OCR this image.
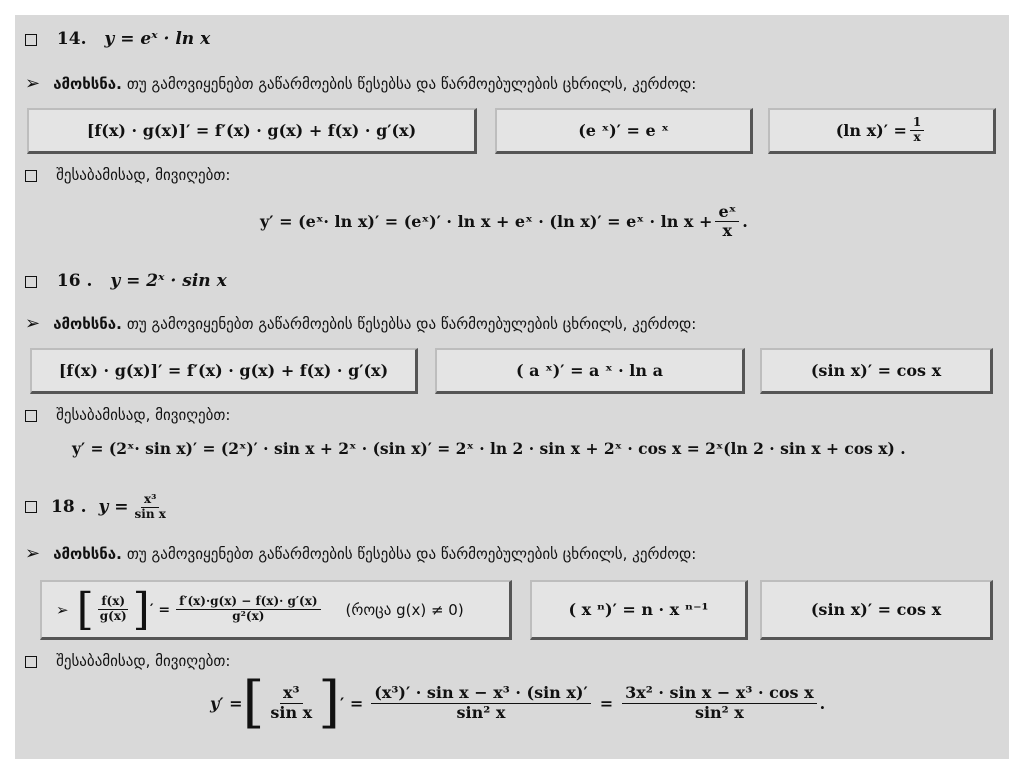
14. y = eˣ · ln x
➢ ამოხსნა. თუ გამოვიყენებთ გაწარმოების წესებსა და წარმოებულების ცხრილს, კერძოდ:
[f(x) · g(x)]′ = f′(x) · g(x) + f(x) · g′(x)	(e ˣ)′ = e ˣ	(ln $x)' = \frac{1}{x}$
შესაბამისად, მივიღებთ:
y′ = (eˣ· ln x)′ = (eˣ)′ · ln x + eˣ · (ln x)′ = eˣ · $\ln x + \frac{\text{eˣ}}{x}$ .
16 . y = 2ˣ · sin x
➢ ამოხსნა. თუ გამოვიყენებთ გაწარმოების წესებსა და წარმოებულების ცხრილს, კერძოდ:
[f(x) · g(x)]′ = f′(x) · g(x) + f(x) · g′(x)	( a ˣ)′ = a ˣ · ln a	(sin x)′ = cos x
შესაბამისად, მივიღებთ:
y′ = (2ˣ· sin x)′ = (2ˣ)′ · sin x + 2ˣ · (sin x)′ = 2ˣ · ln 2 · sin x + 2ˣ · cos x = 2ˣ(ln 2 · sin x + cos x) .
18 . $y = \frac{\text{x³}}{\text{sin x}}$
➢ ამოხსნა. თუ გამოვიყენებთ გაწარმოების წესებსა და წარმოებულების ცხრილს, კერძოდ:
➢ [ $\frac{f(x)}{g(x)}$ ] ′ = $\frac{f'(x)\cdot g(x) - f(x)\cdot g'(x)}{\text{g²(x)}}$ (როცა g(x) ≠ 0)	( x ⁿ)′ = n · x ⁿ⁻¹	(sin x)′ = cos x
შესაბამისად, მივიღებთ:
y′ = [ $\frac{\text{x³}}{\text{sin x}}$ ] ′ = $\frac{\text{(x³)′ · sin x − x³ · (sin x)′}}{\text{sin² x}} = \frac{\text{3x² · sin x − x³ · cos x}}{\text{sin² x}}$ .
